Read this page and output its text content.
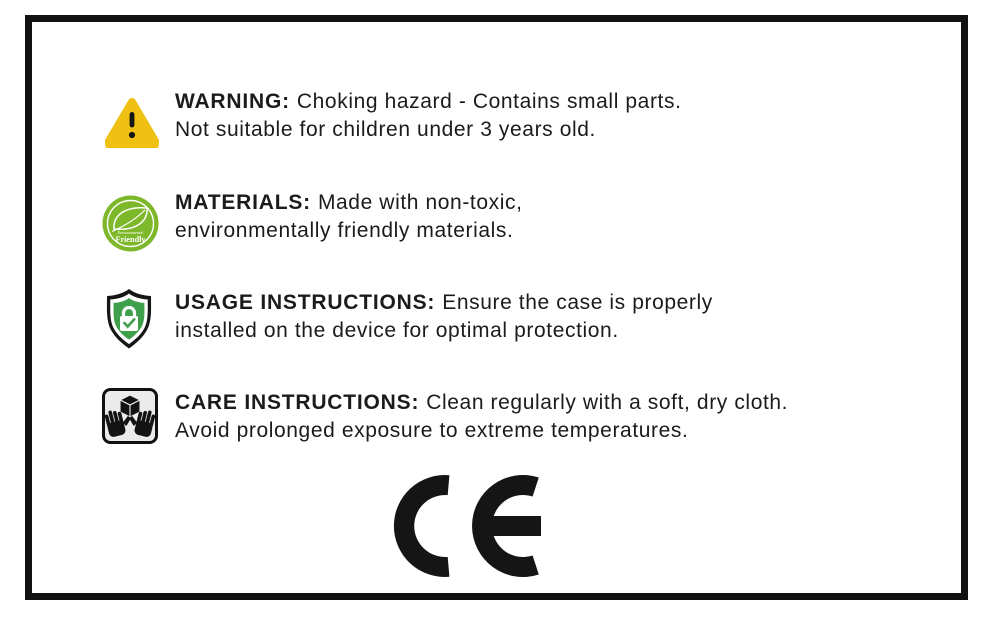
WARNING: Choking hazard - Contains small parts.
Not suitable for children under 3 years old.
Environmental
Friendly
MATERIALS: Made with non-toxic,
environmentally friendly materials.
USAGE INSTRUCTIONS: Ensure the case is properly
installed on the device for optimal protection.
CARE INSTRUCTIONS: Clean regularly with a soft, dry cloth.
Avoid prolonged exposure to extreme temperatures.
